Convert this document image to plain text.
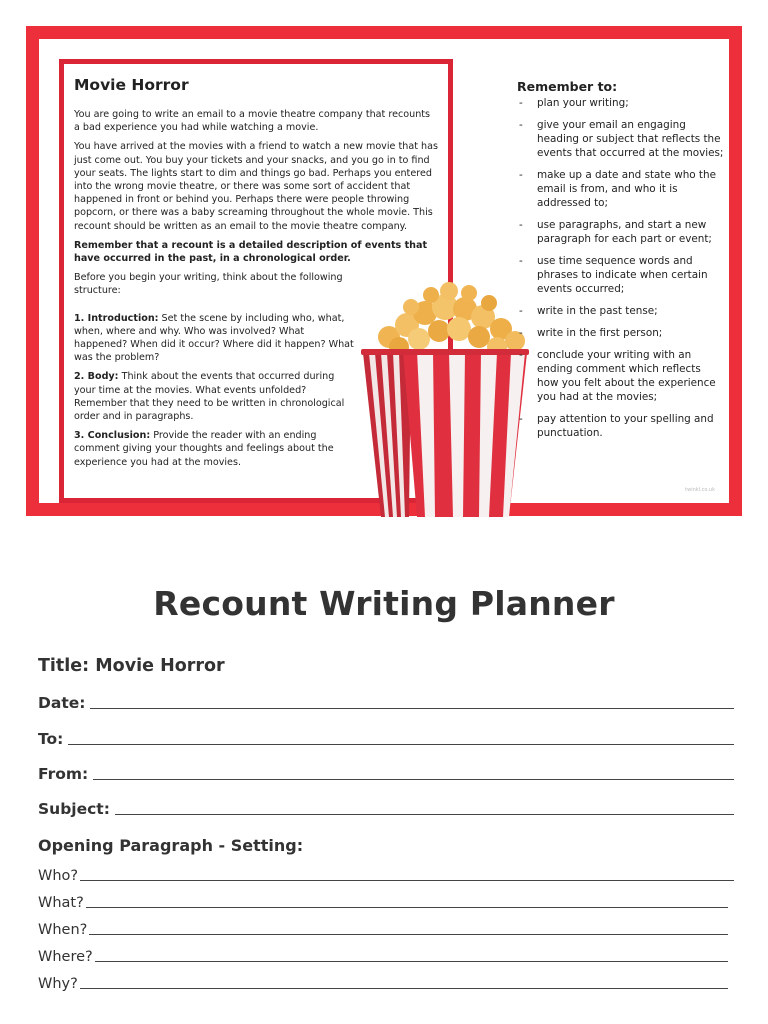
Movie Horror

You are going to write an email to a movie theatre company that recounts a bad experience you had while watching a movie.

You have arrived at the movies with a friend to watch a new movie that has just come out. You buy your tickets and your snacks, and you go in to find your seats. The lights start to dim and things go bad. Perhaps you entered into the wrong movie theatre, or there was some sort of accident that happened in front or behind you. Perhaps there were people throwing popcorn, or there was a baby screaming throughout the whole movie. This recount should be written as an email to the movie theatre company.

Remember that a recount is a detailed description of events that have occurred in the past, in a chronological order.

Before you begin your writing, think about the following structure:

1. Introduction: Set the scene by including who, what, when, where and why. Who was involved? What happened? When did it occur? Where did it happen? What was the problem?

2. Body: Think about the events that occurred during your time at the movies. What events unfolded? Remember that they need to be written in chronological order and in paragraphs.

3. Conclusion: Provide the reader with an ending comment giving your thoughts and feelings about the experience you had at the movies.

Remember to:
- plan your writing;
- give your email an engaging heading or subject that reflects the events that occurred at the movies;
- make up a date and state who the email is from, and who it is addressed to;
- use paragraphs, and start a new paragraph for each part or event;
- use time sequence words and phrases to indicate when certain events occurred;
- write in the past tense;
- write in the first person;
- conclude your writing with an ending comment which reflects how you felt about the experience you had at the movies;
- pay attention to your spelling and punctuation.
twinkl.co.uk
Recount Writing Planner
Title: Movie Horror
Date:
To:
From:
Subject:
Opening Paragraph - Setting:
Who?
What?
When?
Where?
Why?
